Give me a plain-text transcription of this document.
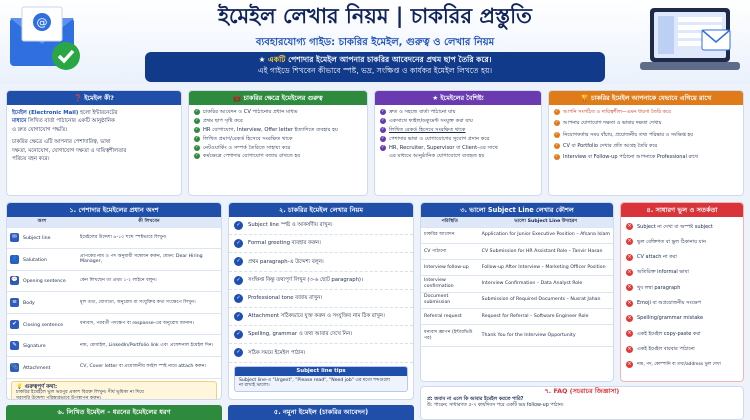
@	ইমেইল লেখার নিয়ম | চাকরির প্রস্তুতি
ব্যবহারযোগ্য গাইড: চাকরির ইমেইল, গুরুত্ব ও লেখার নিয়ম
★ একটি পেশাদার ইমেইল আপনার চাকরির আবেদনের প্রথম ছাপ তৈরি করে।
এই গাইডে শিখবেন কীভাবে স্পষ্ট, ভদ্র, সংক্ষিপ্ত ও কার্যকর ইমেইল লিখতে হয়।
❓ ইমেইল কী?
ইমেইল (Electronic Mail) হলো ইন্টারনেটের
মাধ্যমে লিখিত বার্তা পাঠানোর একটি আনুষ্ঠানিক
ও দ্রুত যোগাযোগ পদ্ধতি।
চাকরির ক্ষেত্রে এটি আপনার পেশাদারিত্ব, ভাষা
দক্ষতা, মনোযোগ, যোগাযোগ দক্ষতা ও দায়িত্বশীলতার
পরিচয় বহন করে।
💼 চাকরির ক্ষেত্রে ইমেইলের গুরুত্ব
✓ চাকরির আবেদন ও CV পাঠানোর প্রধান মাধ্যম
✓ প্রথম ছাপ সৃষ্টি করে
✓ HR যোগাযোগ, Interview, Offer letter ইত্যাদিতে ব্যবহার হয়
✓ লিখিত প্রমাণ/রেকর্ড হিসেবে সংরক্ষিত থাকে
✓ নেটওয়ার্কিং ও সম্পর্ক তৈরিতে সাহায্য করে
✓ কর্মক্ষেত্রে পেশাদার যোগাযোগ বজায় রাখতে হয়
★ ইমেইলের বৈশিষ্ট্য
✓ দ্রুত ও সহজে বার্তা পাঠানো যায়
✓ একসাথে ফাইল/ডকুমেন্ট সংযুক্ত করা যায়
✓ লিখিত রেকর্ড হিসেবে সংরক্ষিত থাকে
✓ পেশাদার ভাষা ও যোগাযোগের সুযোগ প্রদান করে
✓ HR, Recruiter, Supervisor বা Client-এর সাথে
এর মাধ্যমে আনুষ্ঠানিক যোগাযোগে ব্যবহৃত হয়
🏆 চাকরির ইমেইল আপনাকে যেভাবে এগিয়ে রাখে
✓ আপনি সংগঠিত ও দায়িত্বশীল—এমন ধারণা তৈরি করে
✓ আপনার যোগাযোগ দক্ষতা ও ভাষার দক্ষতা দেখায়
✓ নিয়োগকর্তার সময় বাঁচায়, প্রয়োজনীয় তথ্য পরিষ্কার ও সংক্ষিপ্ত হয়
✓ CV বা Portfolio দেখার প্রতি আগ্রহ তৈরি করে
✓ Interview বা Follow-up পাঠানো আপনাকে Professional রাখে
১. পেশাদার ইমেইলের প্রধান অংশ
অংশ	কী লিখবেন
✉ Subject line	ইমেইলের উদ্দেশ্য ৬-১০ শব্দে স্পষ্টভাবে লিখুন।
👤 Salutation	প্রাপকের নাম ও পদ অনুযায়ী সম্বোধন করুন, যেমন: Dear Hiring Manager,
💬 Opening sentence	কেন লিখছেন তা প্রথম ১-২ লাইনে বলুন।
≡ Body	মূল তথ্য, যোগ্যতা, অনুরোধ বা সংযুক্তির কথা সংক্ষেপে লিখুন।
✔ Closing sentence	ধন্যবাদ, পরবর্তী পদক্ষেপ বা response-এর অনুরোধ জানান।
✎ Signature	নাম, মোবাইল, LinkedIn/Portfolio link এবং প্রফেশনাল ইমেইল দিন।
📎 Attachment	CV, Cover letter বা প্রয়োজনীয় ফাইল স্পষ্ট নামে attach করুন।
💡 গুরুত্বপূর্ণ কথা:
চাকরির ইমেইলে ভুল ভরপুর প্রকাশ বিরক্ত লিখুন। দীর্ঘ ভূমিকা না দিয়ে
সরাসরি উদ্দেশ্য পরিষ্কারভাবে উপস্থাপন করুন।
২. চাকরির ইমেইল লেখার নিয়ম
✓	Subject line স্পষ্ট ও আকর্ষণীয় রাখুন।
✓	Formal greeting ব্যবহার করুন।
✓	প্রথম paragraph-এ উদ্দেশ্য বলুন।
✓	সংক্ষিপ্ত কিন্তু তথ্যপূর্ণ লিখুন (৩-৬ ছোট paragraph)।
✓	Professional tone বজায় রাখুন।
✓	Attachment সঠিকভাবে যুক্ত করুন ও সংযুক্তির নাম ঠিক রাখুন।
✓	Spelling, grammar ও তথ্য আবার দেখে নিন।
✓	সঠিক সময়ে ইমেইল পাঠান।
Subject line tips
Subject line-এ "Urgent", "Please read", "Need job" এর মতো শব্দগুলো
না রাখাই ভালো।
৩. ভালো Subject Line লেখার কৌশল
পরিস্থিতি	ভালো Subject Line উদাহরণ
চাকরির আবেদন	Application for Junior Executive Position – Afsana Islam
CV পাঠানো	CV Submission for HR Assistant Role – Tanvir Hasan
Interview follow-up	Follow-up After Interview – Marketing Officer Position
Interview confirmation	Interview Confirmation – Data Analyst Role
Document submission	Submission of Required Documents – Nusrat Jahan
Referral request	Request for Referral – Software Engineer Role
ধন্যবাদ জ্ঞাপন (ইন্টারভিউ পর)	Thank You for the Interview Opportunity
৪. সাধারণ ভুল ও সতর্কতা
× Subject না দেখা বা অস্পষ্ট subject
× ভুল বেক্তিগত বা ভুল ঠিকানায় যান
× CV attach না করা
× অতিরিক্ত informal ভাষা
× খুব লম্বা paragraph
× Emoji বা অপ্রয়োজনীয় সংক্ষেপ
× Spelling/grammar mistake
× একই ইমেইল copy-paste করা
× একই ইমেইল বারবার পাঠানো
×	নাম, পদ, কোম্পানি বা তথ্য/address ভুল দেখা
৭. FAQ (সচরাচর জিজ্ঞাসা)
প্র: জবাব না এলে কি আবার ইমেইল করতে পারি?
উ: পারেন; সাধারণত ৫-৭ কার্যদিবস পরে একটি ভদ্র follow-up পাঠান।
৬. লিখিত ইমেইল – ধরনের ইমেইলের ধরণ	৫. নমুনা ইমেইল (চাকরির আবেদন)
